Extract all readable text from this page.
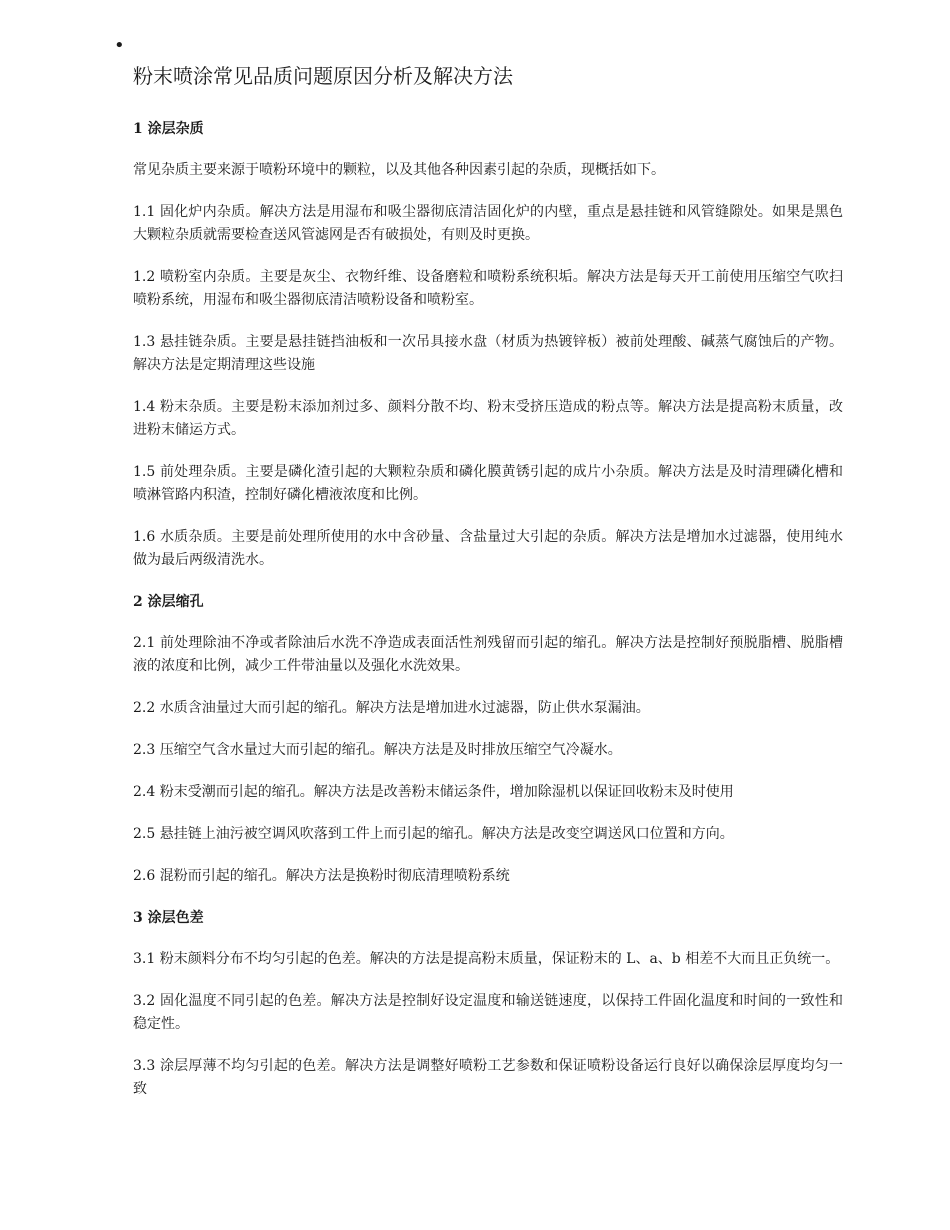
•
粉末喷涂常见品质问题原因分析及解决方法

1 涂层杂质

常见杂质主要来源于喷粉环境中的颗粒，以及其他各种因素引起的杂质，现概括如下。

1.1 固化炉内杂质。解决方法是用湿布和吸尘器彻底清洁固化炉的内壁，重点是悬挂链和风管缝隙处。如果是黑色大颗粒杂质就需要检查送风管滤网是否有破损处，有则及时更换。

1.2 喷粉室内杂质。主要是灰尘、衣物纤维、设备磨粒和喷粉系统积垢。解决方法是每天开工前使用压缩空气吹扫喷粉系统，用湿布和吸尘器彻底清洁喷粉设备和喷粉室。

1.3 悬挂链杂质。主要是悬挂链挡油板和一次吊具接水盘（材质为热镀锌板）被前处理酸、碱蒸气腐蚀后的产物。解决方法是定期清理这些设施

1.4 粉末杂质。主要是粉末添加剂过多、颜料分散不均、粉末受挤压造成的粉点等。解决方法是提高粉末质量，改进粉末储运方式。

1.5 前处理杂质。主要是磷化渣引起的大颗粒杂质和磷化膜黄锈引起的成片小杂质。解决方法是及时清理磷化槽和喷淋管路内积渣，控制好磷化槽液浓度和比例。

1.6 水质杂质。主要是前处理所使用的水中含砂量、含盐量过大引起的杂质。解决方法是增加水过滤器，使用纯水做为最后两级清洗水。

2 涂层缩孔

2.1 前处理除油不净或者除油后水洗不净造成表面活性剂残留而引起的缩孔。解决方法是控制好预脱脂槽、脱脂槽液的浓度和比例，减少工件带油量以及强化水洗效果。

2.2 水质含油量过大而引起的缩孔。解决方法是增加进水过滤器，防止供水泵漏油。

2.3 压缩空气含水量过大而引起的缩孔。解决方法是及时排放压缩空气冷凝水。

2.4 粉末受潮而引起的缩孔。解决方法是改善粉末储运条件，增加除湿机以保证回收粉末及时使用

2.5 悬挂链上油污被空调风吹落到工件上而引起的缩孔。解决方法是改变空调送风口位置和方向。

2.6 混粉而引起的缩孔。解决方法是换粉时彻底清理喷粉系统

3 涂层色差

3.1 粉末颜料分布不均匀引起的色差。解决的方法是提高粉末质量，保证粉末的 L、a、b 相差不大而且正负统一。

3.2 固化温度不同引起的色差。解决方法是控制好设定温度和输送链速度，以保持工件固化温度和时间的一致性和稳定性。

3.3 涂层厚薄不均匀引起的色差。解决方法是调整好喷粉工艺参数和保证喷粉设备运行良好以确保涂层厚度均匀一致
